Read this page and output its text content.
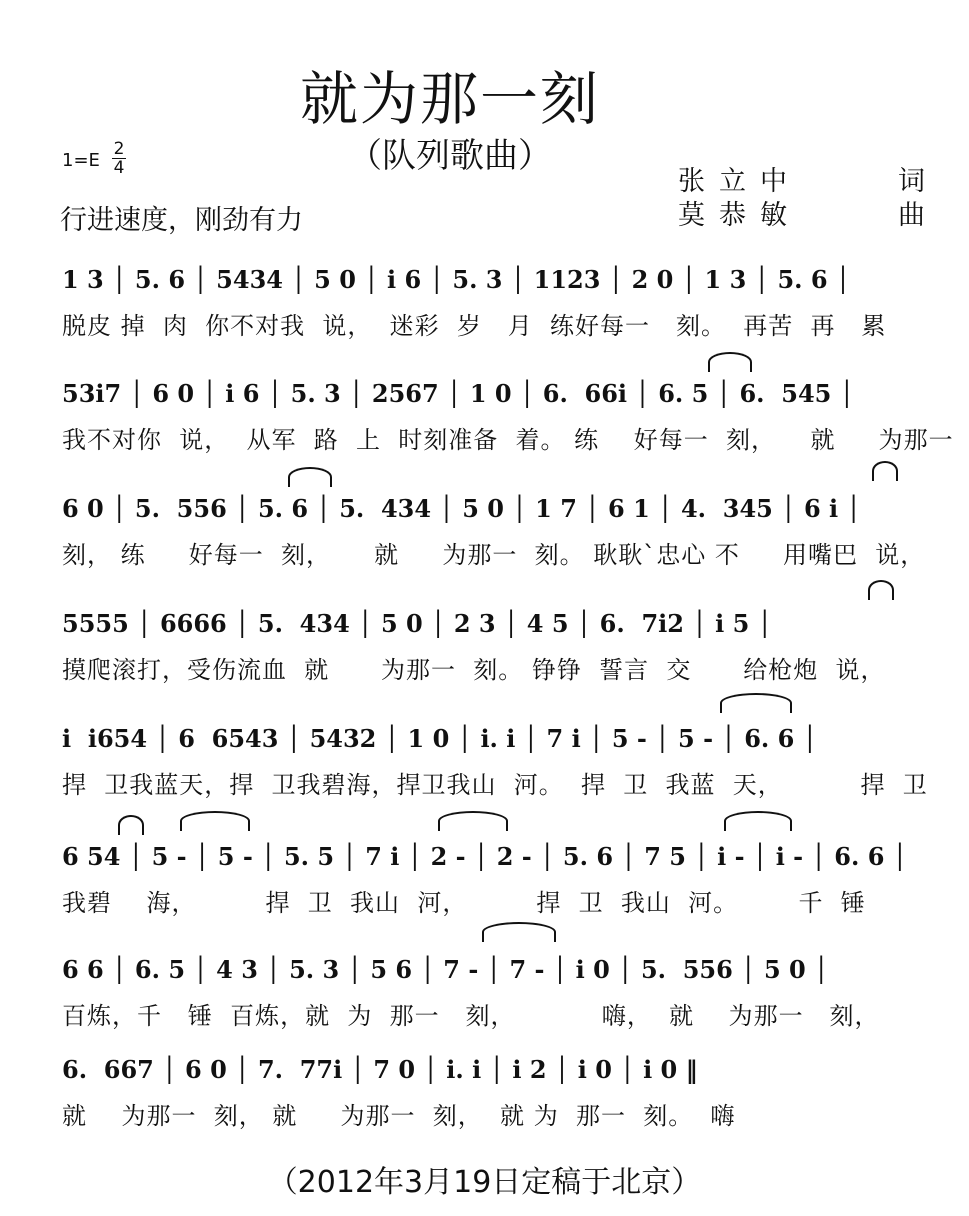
就为那一刻
（队列歌曲）
1=E
2
4
行进速度，刚劲有力
张立中	词
莫恭敏	曲
1 3 │ 5. 6 │ 5434 │ 5 0 │ i 6 │ 5. 3 │ 1123 │ 2 0 │ 1 3 │ 5. 6 │
脱皮 掉  肉  你不对我  说，  迷彩  岁   月  练好每一   刻。  再苦  再   累
53i7 │ 6 0 │ i 6 │ 5. 3 │ 2567 │ 1 0 │ 6.  66i │ 6. 5 │ 6.  545 │
我不对你  说，  从军  路  上  时刻准备  着。 练    好每一  刻，    就     为那一
6 0 │ 5.  556 │ 5. 6 │ 5.  434 │ 5 0 │ 1 7 │ 6 1 │ 4.  345 │ 6 i │
刻， 练     好每一  刻，     就     为那一  刻。 耿耿`忠心 不     用嘴巴  说，
5555 │ 6666 │ 5.  434 │ 5 0 │ 2 3 │ 4 5 │ 6.  7i2 │ i 5 │
摸爬滚打，受伤流血  就      为那一  刻。 铮铮  誓言  交      给枪炮  说，
i  i654 │ 6  6543 │ 5432 │ 1 0 │ i. i │ 7 i │ 5 - │ 5 - │ 6. 6 │
捍  卫我蓝天，捍  卫我碧海，捍卫我山  河。  捍  卫  我蓝  天，         捍  卫
6 54 │ 5 - │ 5 - │ 5. 5 │ 7 i │ 2 - │ 2 - │ 5. 6 │ 7 5 │ i - │ i - │ 6. 6 │
我碧    海，        捍  卫  我山  河，        捍  卫  我山  河。       千  锤
6 6 │ 6. 5 │ 4 3 │ 5. 3 │ 5 6 │ 7 - │ 7 - │ i 0 │ 5.  556 │ 5 0 │
百炼，千   锤  百炼，就  为  那一   刻，          嗨，  就    为那一   刻，
6.  667 │ 6 0 │ 7.  77i │ 7 0 │ i. i │ i 2 │ i 0 │ i 0 ‖
就    为那一  刻， 就     为那一  刻，  就 为  那一  刻。  嗨
（2012年3月19日定稿于北京）
